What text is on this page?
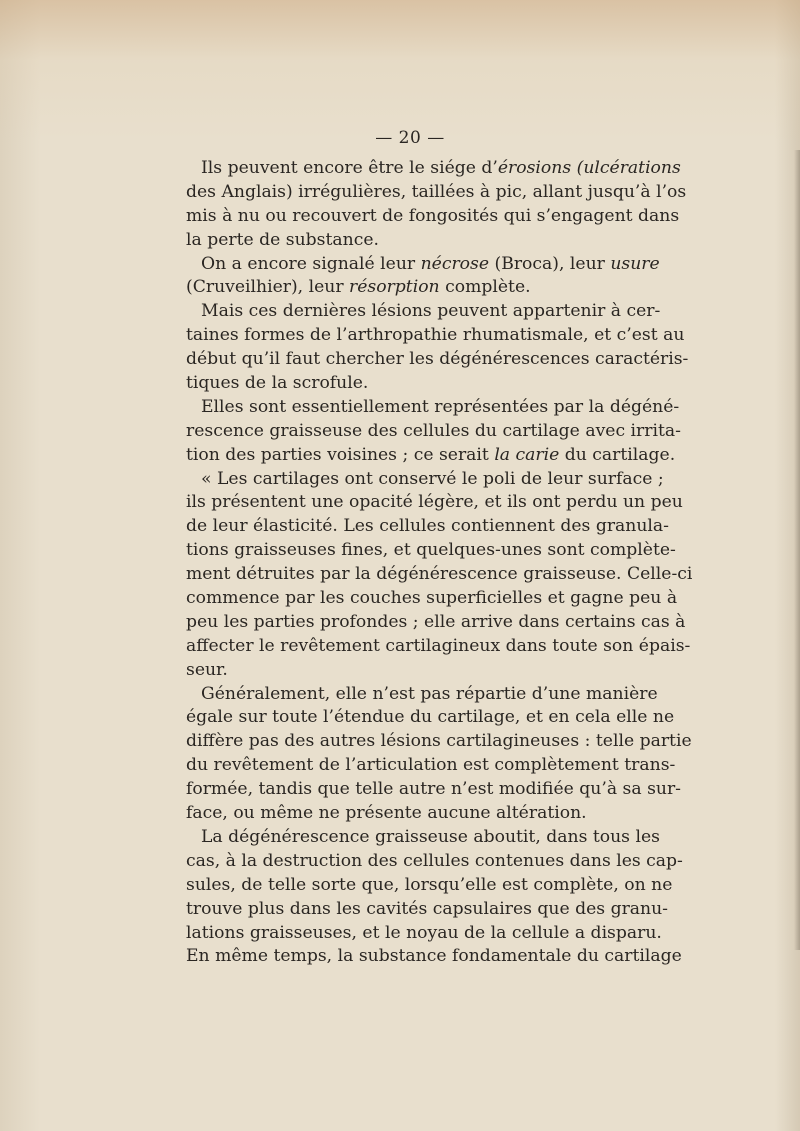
— 20 —
Ils peuvent encore être le siége d’érosions (ulcérations
des Anglais) irrégulières, taillées à pic, allant jusqu’à l’os
mis à nu ou recouvert de fongosités qui s’engagent dans
la perte de substance.
On a encore signalé leur nécrose (Broca), leur usure
(Cruveilhier), leur résorption complète.
Mais ces dernières lésions peuvent appartenir à cer-
taines formes de l’arthropathie rhumatismale, et c’est au
début qu’il faut chercher les dégénérescences caractéris-
tiques de la scrofule.
Elles sont essentiellement représentées par la dégéné-
rescence graisseuse des cellules du cartilage avec irrita-
tion des parties voisines ; ce serait la carie du cartilage.
« Les cartilages ont conservé le poli de leur surface ;
ils présentent une opacité légère, et ils ont perdu un peu
de leur élasticité. Les cellules contiennent des granula-
tions graisseuses fines, et quelques-unes sont complète-
ment détruites par la dégénérescence graisseuse. Celle-ci
commence par les couches superficielles et gagne peu à
peu les parties profondes ; elle arrive dans certains cas à
affecter le revêtement cartilagineux dans toute son épais-
seur.
Généralement, elle n’est pas répartie d’une manière
égale sur toute l’étendue du cartilage, et en cela elle ne
diffère pas des autres lésions cartilagineuses : telle partie
du revêtement de l’articulation est complètement trans-
formée, tandis que telle autre n’est modifiée qu’à sa sur-
face, ou même ne présente aucune altération.
La dégénérescence graisseuse aboutit, dans tous les
cas, à la destruction des cellules contenues dans les cap-
sules, de telle sorte que, lorsqu’elle est complète, on ne
trouve plus dans les cavités capsulaires que des granu-
lations graisseuses, et le noyau de la cellule a disparu.
En même temps, la substance fondamentale du cartilage
